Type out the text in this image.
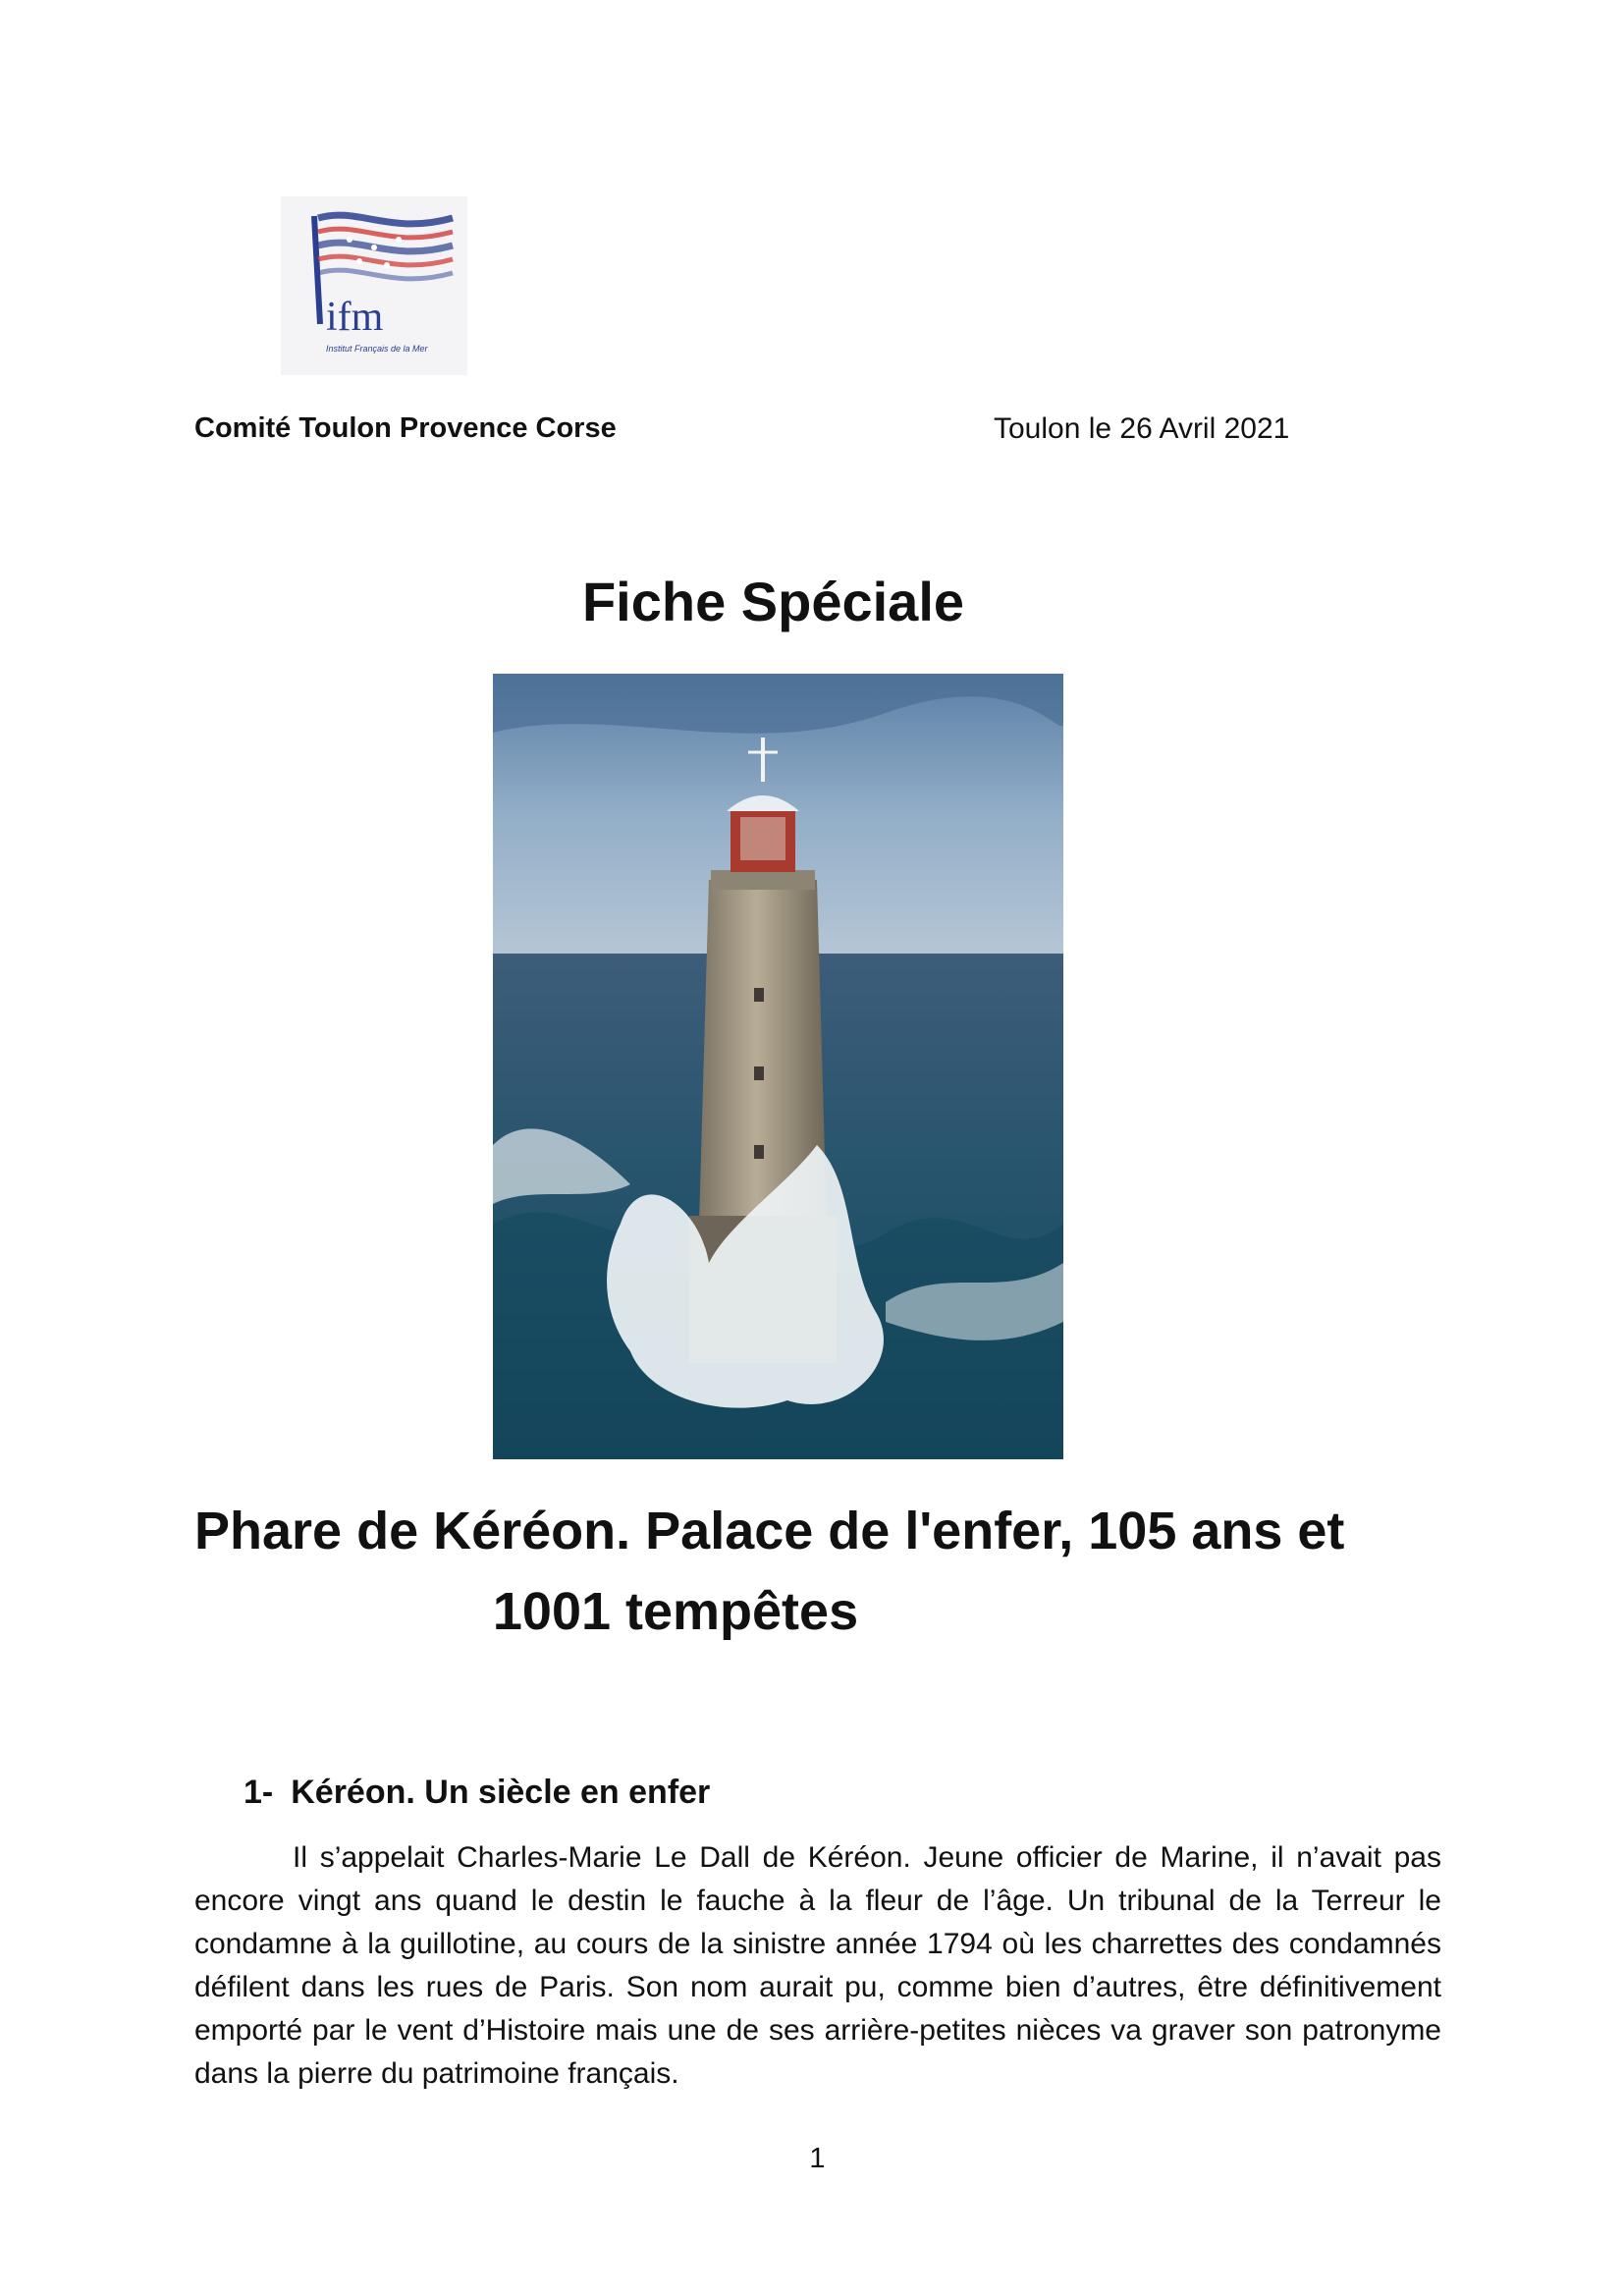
ifm
Institut Français de la Mer
Comité Toulon Provence Corse	Toulon le 26 Avril 2021
Fiche Spéciale
Phare de Kéréon. Palace de l'enfer, 105 ans et
1001 tempêtes
1- Kéréon. Un siècle en enfer
Il s’appelait Charles-Marie Le Dall de Kéréon. Jeune officier de Marine, il n’avait pas encore vingt ans quand le destin le fauche à la fleur de l’âge. Un tribunal de la Terreur le condamne à la guillotine, au cours de la sinistre année 1794 où les charrettes des condamnés défilent dans les rues de Paris. Son nom aurait pu, comme bien d’autres, être définitivement emporté par le vent d’Histoire mais une de ses arrière-petites nièces va graver son patronyme dans la pierre du patrimoine français.
1
